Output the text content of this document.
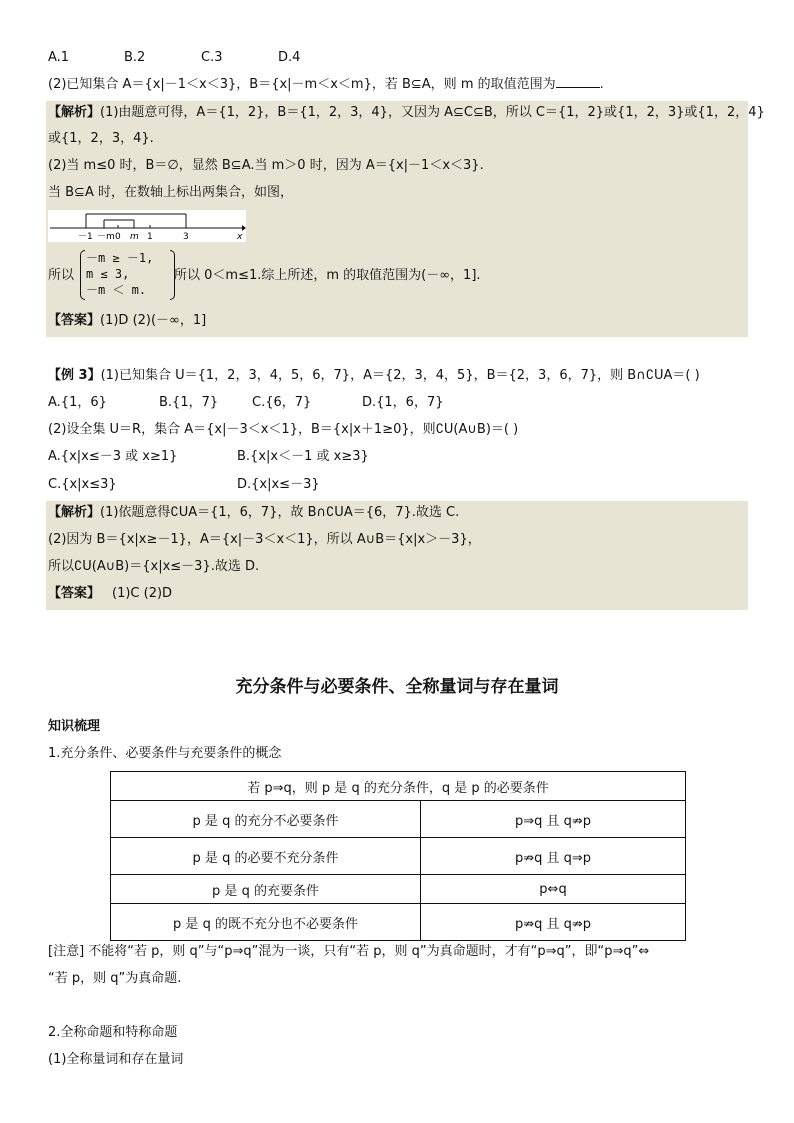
A.1	B.2	C.3	D.4
(2)已知集合 A＝{x|－1＜x＜3}，B＝{x|－m＜x＜m}，若 B⊆A，则 m 的取值范围为	.
【解析】(1)由题意可得，A＝{1，2}，B＝{1，2，3，4}，又因为 A⊆C⊆B，所以 C＝{1，2}或{1，2，3}或{1，2，4}
或{1，2，3，4}.
(2)当 m≤0 时，B＝∅，显然 B⊆A.当 m＞0 时，因为 A＝{x|－1＜x＜3}.
当 B⊆A 时，在数轴上标出两集合，如图，
－1 －m 0 m 1	3	x
所以
－m ≥ －1,
m ≤ 3,
－m ＜ m.
所以 0＜m≤1.综上所述，m 的取值范围为(－∞，1].
【答案】(1)D (2)(－∞，1]
【例 3】(1)已知集合 U＝{1，2，3，4，5，6，7}，A＝{2，3，4，5}，B＝{2，3，6，7}，则 B∩∁UA＝( )
A.{1，6}	B.{1，7}	C.{6，7}	D.{1，6，7}
(2)设全集 U＝R，集合 A＝{x|－3＜x＜1}，B＝{x|x＋1≥0}，则∁U(A∪B)＝( )
A.{x|x≤－3 或 x≥1}	B.{x|x＜－1 或 x≥3}
C.{x|x≤3}	D.{x|x≤－3}
【解析】(1)依题意得∁UA＝{1，6，7}，故 B∩∁UA＝{6，7}.故选 C.
(2)因为 B＝{x|x≥－1}，A＝{x|－3＜x＜1}，所以 A∪B＝{x|x＞－3}，
所以∁U(A∪B)＝{x|x≤－3}.故选 D.
【答案】 (1)C (2)D
充分条件与必要条件、全称量词与存在量词
知识梳理
1.充分条件、必要条件与充要条件的概念
若 p⇒q，则 p 是 q 的充分条件，q 是 p 的必要条件	
p 是 q 的充分不必要条件	p⇒q 且 q⇏p
p 是 q 的必要不充分条件	p⇏q 且 q⇒p
p 是 q 的充要条件	p⇔q
p 是 q 的既不充分也不必要条件	p⇏q 且 q⇏p
[注意] 不能将“若 p，则 q”与“p⇒q”混为一谈，只有“若 p，则 q”为真命题时，才有“p⇒q”，即“p⇒q”⇔
“若 p，则 q”为真命题.
2.全称命题和特称命题
(1)全称量词和存在量词
